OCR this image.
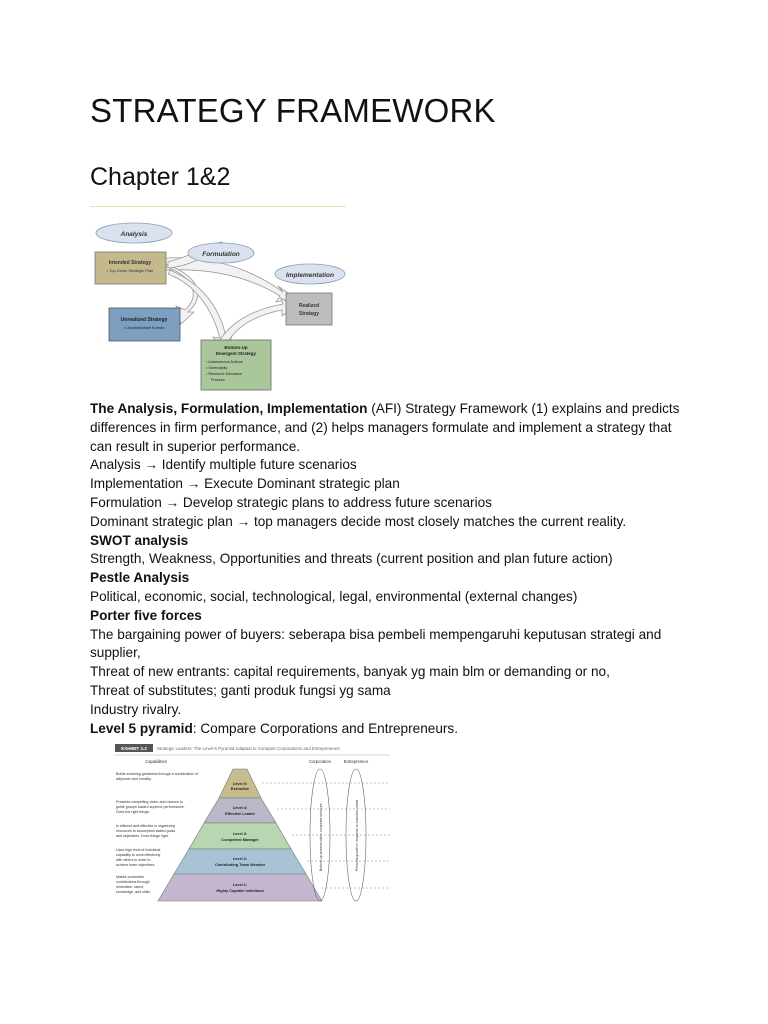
STRATEGY FRAMEWORK
Chapter 1&2
Analysis
Formulation
Implementation
Intended Strategy
• Top-Down Strategic Plan
Realized
Strategy
Unrealized Strategy
• Unpredictable Events
Bottom-Up
Emergent Strategy
• Autonomous Actions
• Serendipity
• Resource Allocation
Process

The Analysis, Formulation, Implementation (AFI) Strategy Framework (1) explains and predicts differences in firm performance, and (2) helps managers formulate and implement a strategy that can result in superior performance.

Analysis → Identify multiple future scenarios

Implementation → Execute Dominant strategic plan

Formulation → Develop strategic plans to address future scenarios

Dominant strategic plan → top managers decide most closely matches the current reality.

SWOT analysis

Strength, Weakness, Opportunities and threats (current position and plan future action)

Pestle Analysis

Political, economic, social, technological, legal, environmental (external changes)

Porter five forces

The bargaining power of buyers: seberapa bisa pembeli mempengaruhi keputusan strategi and supplier,

Threat of new entrants: capital requirements, banyak yg main blm or demanding or no,

Threat of substitutes; ganti produk fungsi yg sama

Industry rivalry.

Level 5 pyramid: Compare Corporations and Entrepreneurs.

EXHIBIT 2.2 Strategic Leaders: The Level-5 Pyramid Adapted to Compare Corporations and Entrepreneurs
Capabilities	Corporation	Entrepreneur
Level 5:
Executive
Level 4:
Effective Leader
Level 3:
Competent Manager
Level 2:
Contributing Team Member
Level 1:
Highly Capable Individual
Builds enduring greatness through a combination of
willpower and humility.
Presents compelling vision and mission to
guide groups toward superior performance.
Does the right things.
Is efficient and effective in organizing
resources to accomplish stated goals
and objectives. Does things right.
Uses high level of individual
capability to work effectively
with others in order to
achieve team objectives.
Makes productive
contributions through
motivation, talent,
knowledge, and skills.
Bottom-up process within corporate structure	Personal growth in response to business needs
